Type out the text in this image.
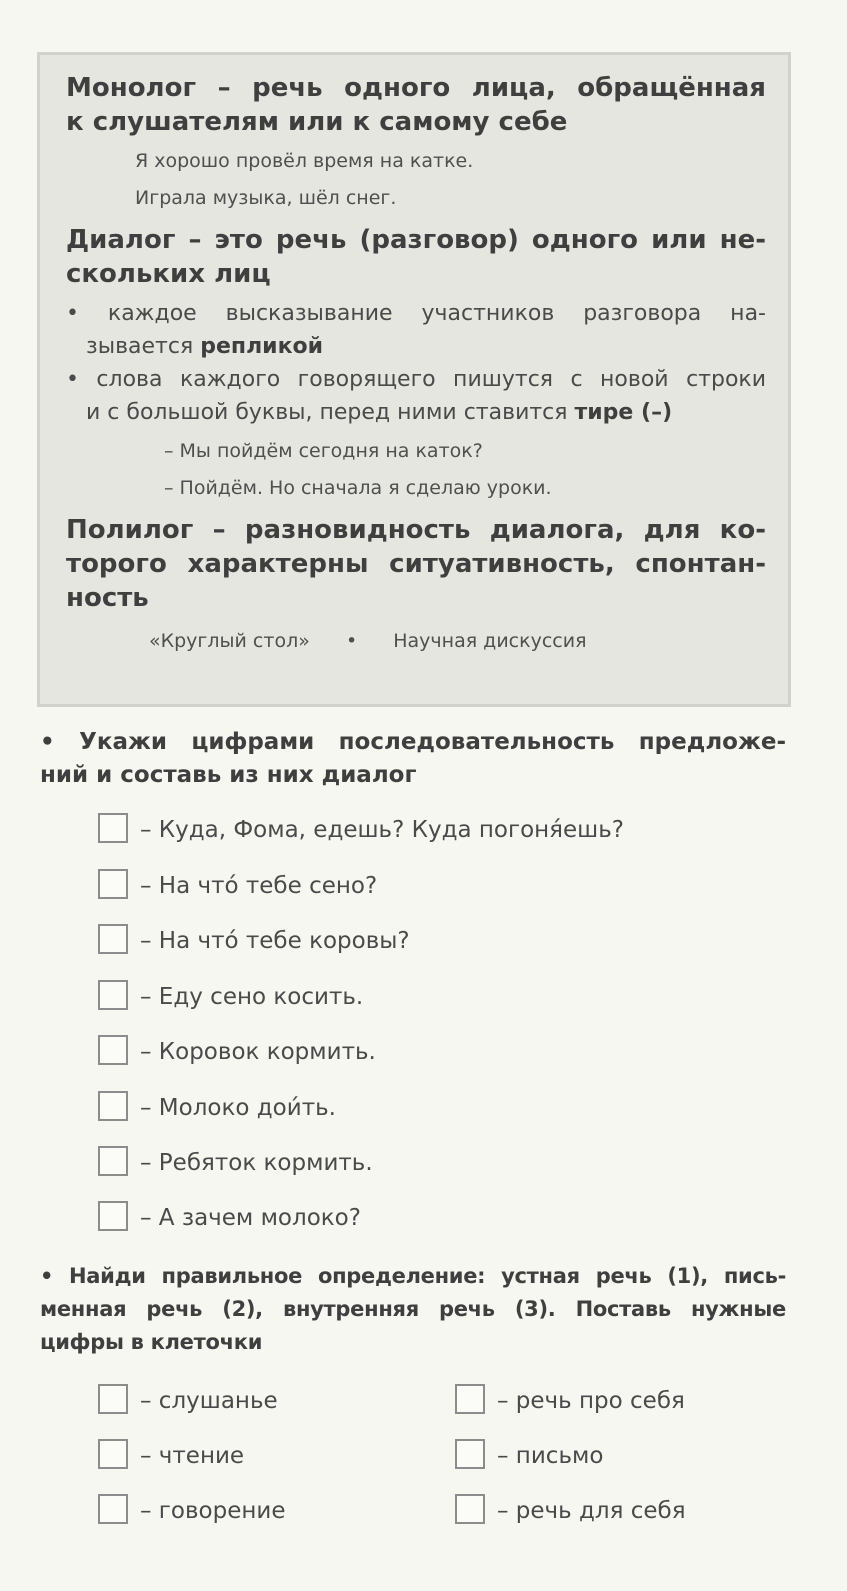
Монолог – речь одного лица, обращённая
к слушателям или к самому себе

Я хорошо провёл время на катке.

Играла музыка, шёл снег.

Диалог – это речь (разговор) одного или не-
скольких лиц
• каждое высказывание участников разговора на-
зывается репликой
• слова каждого говорящего пишутся с новой строки
и с большой буквы, перед ними ставится тире (–)

– Мы пойдём сегодня на каток?

– Пойдём. Но сначала я сделаю уроки.

Полилог – разновидность диалога, для ко-
торого характерны ситуативность, спонтан-
ность

«Круглый стол» • Научная дискуссия

• Укажи цифрами последовательность предложе-
ний и составь из них диалог
– Куда, Фома, едешь? Куда погоня́ешь?
– На что́ тебе сено?
– На что́ тебе коровы?
– Еду сено косить.
– Коровок кормить.
– Молоко дои́ть.
– Ребяток кормить.
– А зачем молоко?
• Найди правильное определение: устная речь (1), пись-
менная речь (2), внутренняя речь (3). Поставь нужные
цифры в клеточки
– слушанье
– чтение
– говорение
– речь про себя
– письмо
– речь для себя
